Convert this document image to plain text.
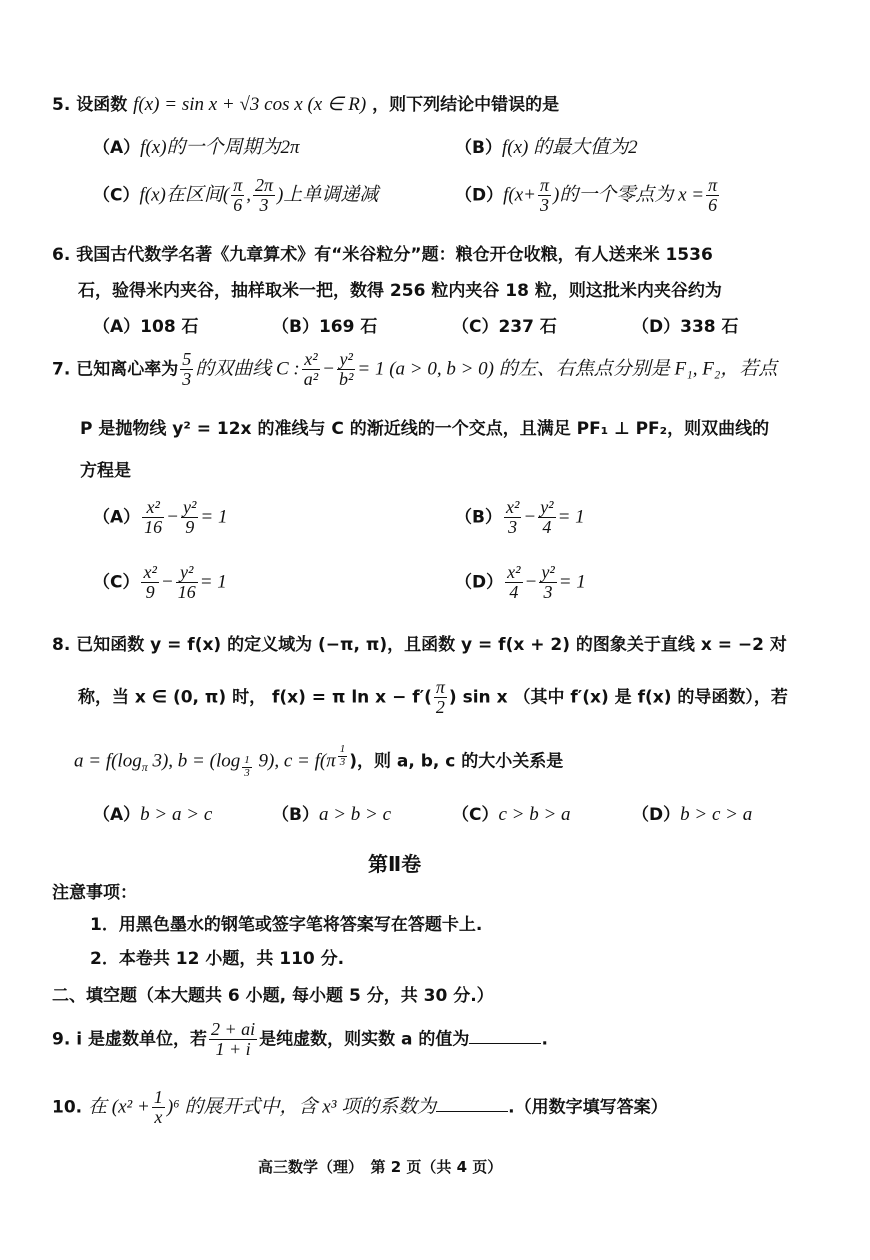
5. 设函数 f(x) = sin x + √3 cos x (x ∈ R) ，则下列结论中错误的是
（A）f(x)的一个周期为2π	（B）f(x) 的最大值为2
（C）f(x)在区间( $\frac{\pi}{6}$ , $\frac{2\pi}{3}$ )上单调递减	$(D)f(x+ \frac{\pi}{3}$ )的一个零点为 $x = \frac{\pi}{6}$
6. 我国古代数学名著《九章算术》有“米谷粒分”题：粮仓开仓收粮，有人送来米 1536
石，验得米内夹谷，抽样取米一把，数得 256 粒内夹谷 18 粒，则这批米内夹谷约为
（A）108 石	（B）169 石	（C）237 石	（D）338 石
7. 已知离心率为 $\frac{5}{3}$ 的双曲线 C : $\frac{\text{x²}}{\text{a²}} - \frac{\text{y²}}{\text{b²}} = 1$ (a > 0, b > 0) 的左、右焦点分别是 F₁, F₂，若点
P 是抛物线 y² = 12x 的准线与 C 的渐近线的一个交点，且满足 PF₁ ⊥ PF₂，则双曲线的
方程是
$(A) \frac{\text{x²}}{16} - \frac{\text{y²}}{9} = 1$	$(B) \frac{\text{x²}}{3} - \frac{\text{y²}}{4} = 1$
$(C) \frac{\text{x²}}{9} - \frac{\text{y²}}{16} = 1$	$(D) \frac{\text{x²}}{4} - \frac{\text{y²}}{3} = 1$
8. 已知函数 y = f(x) 的定义域为 (−π, π)，且函数 y = f(x + 2) 的图象关于直线 x = −2 对
称，当 x ∈ (0, π) 时， f(x) = π $\ln x - f'( \frac{\pi}{2}$ ) sin x （其中 f′(x) 是 f(x) 的导函数），若
$a = f(\log_\pi$ 3), b = (log $_{\frac{1}{3}}$ 9), c = f(π $^{\frac{1}{3}}$ )，则 a, b, c 的大小关系是
（A）b > a > c	（B）a > b > c	（C）c > b > a	（D）b > c > a
第Ⅱ卷
注意事项：
1．用黑色墨水的钢笔或签字笔将答案写在答题卡上.
2．本卷共 12 小题，共 110 分.
二、填空题（本大题共 6 小题, 每小题 5 分，共 30 分.）
9. i 是虚数单位，若 $\frac{2 + ai}{1 + i}$ 是纯虚数，则实数 a 的值为	.
10. 在 $(x^2 + \frac{1}{x} )^6$ 的展开式中，含 x³ 项的系数为	.（用数字填写答案）
高三数学（理）　第 2 页（共 4 页）
